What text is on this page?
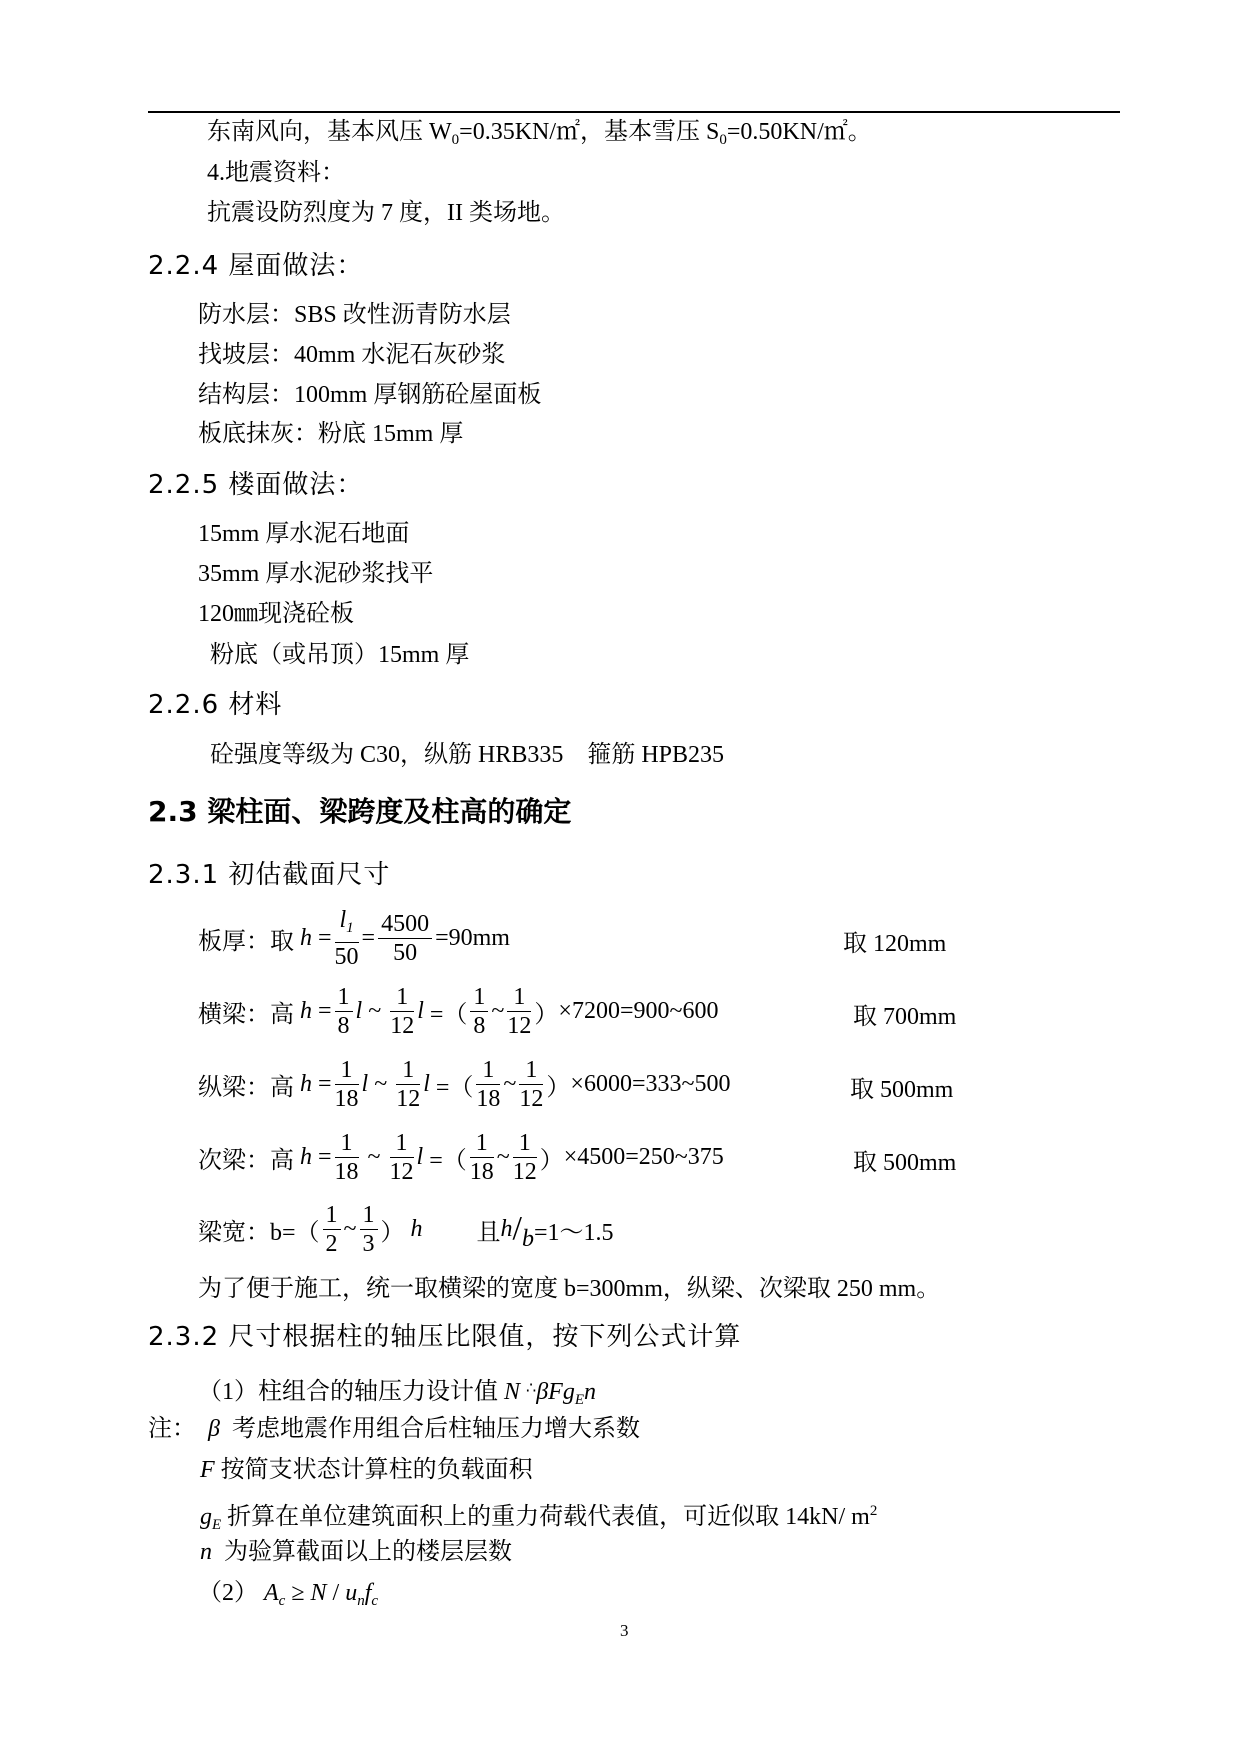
东南风向，基本风压 $W_0=0.35KN/㎡$，基本雪压 $S_0=0.50KN/㎡$。
4.地震资料：
抗震设防烈度为 7 度，II 类场地。
2.2.4 屋面做法：
防水层：SBS 改性沥青防水层
找坡层：40mm 水泥石灰砂浆
结构层：100mm 厚钢筋砼屋面板
板底抹灰：粉底 15mm 厚
2.2.5 楼面做法：
15mm 厚水泥石地面
35mm 厚水泥砂浆找平
120㎜现浇砼板
粉底（或吊顶）15mm 厚
2.2.6 材料
砼强度等级为 C30，纵筋 HRB335　箍筋 HPB235
2.3 梁柱面、梁跨度及柱高的确定
2.3.1 初估截面尺寸
板厚：取 $h = \frac{l_1}{50} = \frac{4500}{50} =90mm$	取 120mm
横梁：高 $h = \frac{1}{8}$ l ~ $\frac{1}{12}$ l =（ $\frac{1}{8}$ ~ $\frac{1}{12}$ ） ×7200=900~600	取 700mm
纵梁：高 $h = \frac{1}{18}$ l ~ $\frac{1}{12}$ l =（ $\frac{1}{18}$ ~ $\frac{1}{12}$ ） ×6000=333~500	取 500mm
次梁：高 $h = \frac{1}{18}$ ~ $\frac{1}{12}$ l =（ $\frac{1}{18}$ ~ $\frac{1}{12}$ ） ×4500=250~375	取 500mm
梁宽：$b=( \frac{1}{2}$ ~ $\frac{1}{3}$ ）
h 且 h / b =1～1.5
为了便于施工，统一取横梁的宽度 b=300mm，纵梁、次梁取 250 mm。
2.3.2 尺寸根据柱的轴压比限值，按下列公式计算
（1）柱组合的轴压力设计值 N ∴βFg$_E$n
注： β 考虑地震作用组合后柱轴压力增大系数
F 按简支状态计算柱的负载面积
$g_E$ 折算在单位建筑面积上的重力荷载代表值，可近似取 14kN/ $m^2$
n 为验算截面以上的楼层层数
（2） $A_c \ge N / u_nf_c$
3
